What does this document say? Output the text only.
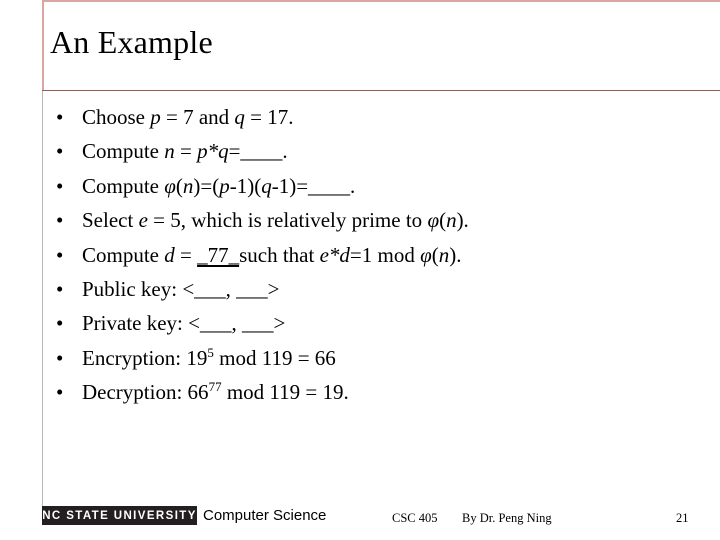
An Example
• Choose p = 7 and q = 17.
• Compute n = p*q=____.
• Compute φ(n)=(p-1)(q-1)=____.
• Select e = 5, which is relatively prime to φ(n).
• Compute d = _77_such that e*d=1 mod φ(n).
• Public key: <___, ___>
• Private key: <___, ___>
• Encryption: $19^5$ mod 119 = 66
• Decryption: $66^{77}$ mod 119 = 19.
NC STATE UNIVERSITY Computer Science	CSC 405 By Dr. Peng Ning	21
